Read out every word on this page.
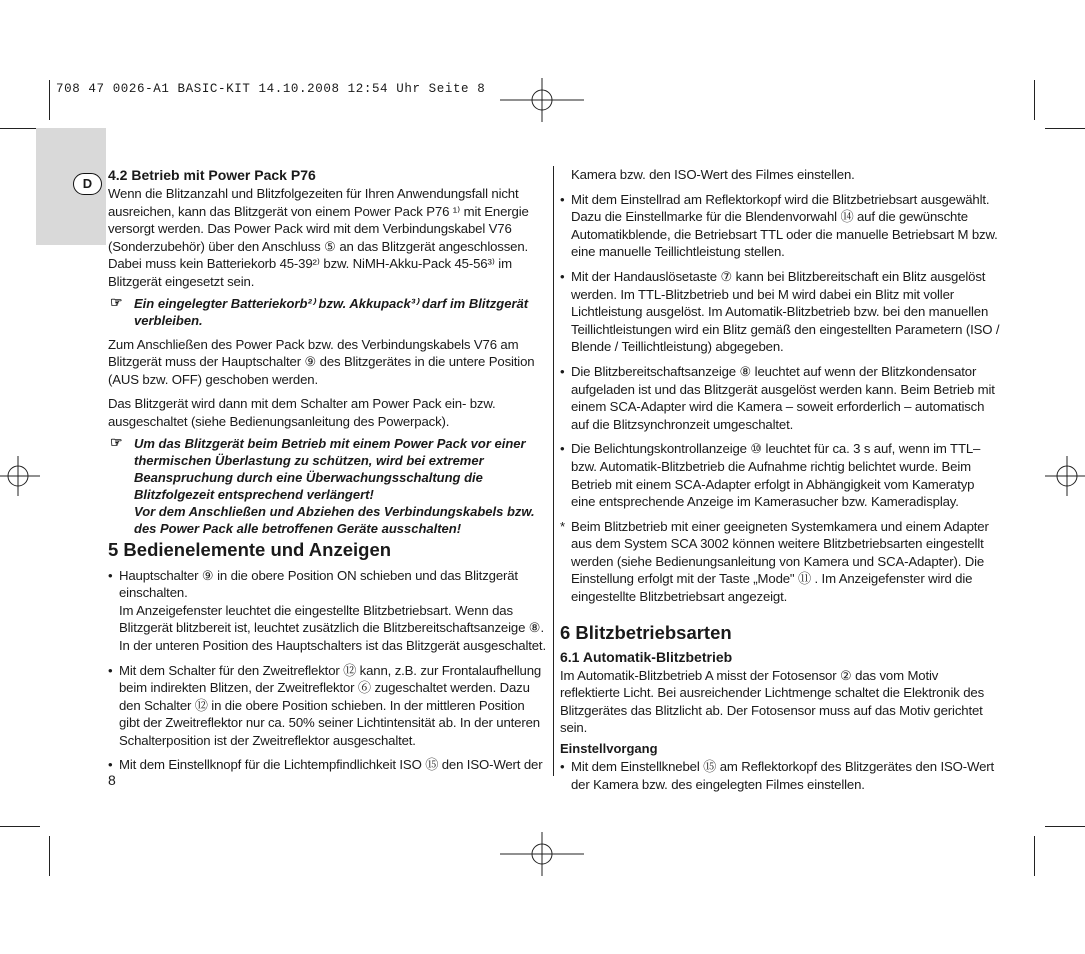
708 47 0026-A1 BASIC-KIT 14.10.2008 12:54 Uhr Seite 8
D
4.2 Betrieb mit Power Pack P76

Wenn die Blitzanzahl und Blitzfolgezeiten für Ihren Anwendungsfall nicht ausreichen, kann das Blitzgerät von einem Power Pack P76 ¹⁾ mit Energie versorgt werden. Das Power Pack wird mit dem Verbindungskabel V76 (Sonderzubehör) über den Anschluss ⑤ an das Blitzgerät angeschlossen. Dabei muss kein Batteriekorb 45-39²⁾ bzw. NiMH-Akku-Pack 45-56³⁾ im Blitzgerät eingesetzt sein.

☞ Ein eingelegter Batteriekorb²⁾ bzw. Akkupack³⁾ darf im Blitzgerät verbleiben.

Zum Anschließen des Power Pack bzw. des Verbindungskabels V76 am Blitzgerät muss der Hauptschalter ⑨ des Blitzgerätes in die untere Position (AUS bzw. OFF) geschoben werden.

Das Blitzgerät wird dann mit dem Schalter am Power Pack ein- bzw. ausgeschaltet (siehe Bedienungsanleitung des Powerpack).

☞ Um das Blitzgerät beim Betrieb mit einem Power Pack vor einer thermischen Überlastung zu schützen, wird bei extremer Beanspruchung durch eine Überwachungsschaltung die Blitzfolgezeit entsprechend verlängert!
Vor dem Anschließen und Abziehen des Verbindungskabels bzw. des Power Pack alle betroffenen Geräte ausschalten!
5 Bedienelemente und Anzeigen

• Hauptschalter ⑨ in die obere Position ON schieben und das Blitzgerät einschalten.

Im Anzeigefenster leuchtet die eingestellte Blitzbetriebsart. Wenn das Blitzgerät blitzbereit ist, leuchtet zusätzlich die Blitzbereitschaftsanzeige ⑧. In der unteren Position des Hauptschalters ist das Blitzgerät ausgeschaltet.

• Mit dem Schalter für den Zweitreflektor ⑫ kann, z.B. zur Frontalaufhellung beim indirekten Blitzen, der Zweitreflektor ⑥ zugeschaltet werden. Dazu den Schalter ⑫ in die obere Position schieben. In der mittleren Position gibt der Zweitreflektor nur ca. 50% seiner Lichtintensität ab. In der unteren Schalterposition ist der Zweitreflektor ausgeschaltet.

• Mit dem Einstellknopf für die Lichtempfindlichkeit ISO ⑮ den ISO-Wert der

Kamera bzw. den ISO-Wert des Filmes einstellen.

• Mit dem Einstellrad am Reflektorkopf wird die Blitzbetriebsart ausgewählt. Dazu die Einstellmarke für die Blendenvorwahl ⑭ auf die gewünschte Automatikblende, die Betriebsart TTL oder die manuelle Betriebsart M bzw. eine manuelle Teillichtleistung stellen.

• Mit der Handauslösetaste ⑦ kann bei Blitzbereitschaft ein Blitz ausgelöst werden. Im TTL-Blitzbetrieb und bei M wird dabei ein Blitz mit voller Lichtleistung ausgelöst. Im Automatik-Blitzbetrieb bzw. bei den manuellen Teillichtleistungen wird ein Blitz gemäß den eingestellten Parametern (ISO / Blende / Teillichtleistung) abgegeben.

• Die Blitzbereitschaftsanzeige ⑧ leuchtet auf wenn der Blitzkondensator aufgeladen ist und das Blitzgerät ausgelöst werden kann. Beim Betrieb mit einem SCA-Adapter wird die Kamera – soweit erforderlich – automatisch auf die Blitzsynchronzeit umgeschaltet.

• Die Belichtungskontrollanzeige ⑩ leuchtet für ca. 3 s auf, wenn im TTL– bzw. Automatik-Blitzbetrieb die Aufnahme richtig belichtet wurde. Beim Betrieb mit einem SCA-Adapter erfolgt in Abhängigkeit vom Kameratyp eine entsprechende Anzeige im Kamerasucher bzw. Kameradisplay.

* Beim Blitzbetrieb mit einer geeigneten Systemkamera und einem Adapter aus dem System SCA 3002 können weitere Blitzbetriebsarten eingestellt werden (siehe Bedienungsanleitung von Kamera und SCA-Adapter). Die Einstellung erfolgt mit der Taste „Mode" ⑪ . Im Anzeigefenster wird die eingestellte Blitzbetriebsart angezeigt.

6 Blitzbetriebsarten
6.1 Automatik-Blitzbetrieb

Im Automatik-Blitzbetrieb A misst der Fotosensor ② das vom Motiv reflektierte Licht. Bei ausreichender Lichtmenge schaltet die Elektronik des Blitzgerätes das Blitzlicht ab. Der Fotosensor muss auf das Motiv gerichtet sein.

Einstellvorgang

• Mit dem Einstellknebel ⑮ am Reflektorkopf des Blitzgerätes den ISO-Wert der Kamera bzw. des eingelegten Filmes einstellen.

8
